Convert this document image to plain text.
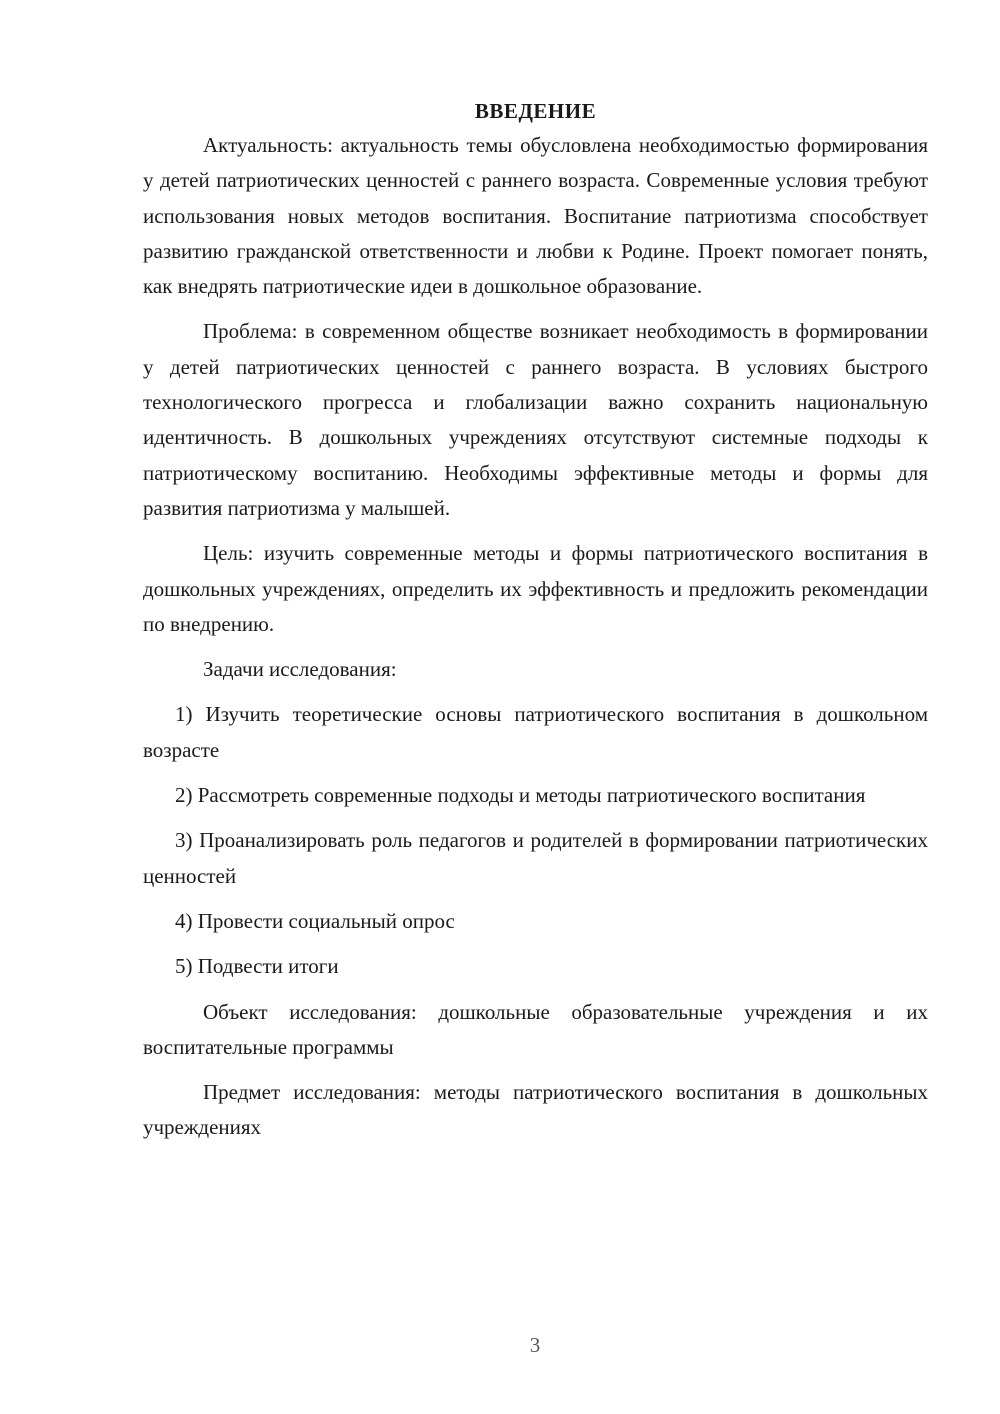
ВВЕДЕНИЕ

Актуальность: актуальность темы обусловлена необходимостью формирования у детей патриотических ценностей с раннего возраста. Современные условия требуют использования новых методов воспитания. Воспитание патриотизма способствует развитию гражданской ответственности и любви к Родине. Проект помогает понять, как внедрять патриотические идеи в дошкольное образование.

Проблема: в современном обществе возникает необходимость в формировании у детей патриотических ценностей с раннего возраста. В условиях быстрого технологического прогресса и глобализации важно сохранить национальную идентичность. В дошкольных учреждениях отсутствуют системные подходы к патриотическому воспитанию. Необходимы эффективные методы и формы для развития патриотизма у малышей.

Цель: изучить современные методы и формы патриотического воспитания в дошкольных учреждениях, определить их эффективность и предложить рекомендации по внедрению.

Задачи исследования:

1) Изучить теоретические основы патриотического воспитания в дошкольном возрасте

2) Рассмотреть современные подходы и методы патриотического воспитания

3) Проанализировать роль педагогов и родителей в формировании патриотических ценностей

4) Провести социальный опрос

5) Подвести итоги

Объект исследования: дошкольные образовательные учреждения и их воспитательные программы

Предмет исследования: методы патриотического воспитания в дошкольных учреждениях

3
